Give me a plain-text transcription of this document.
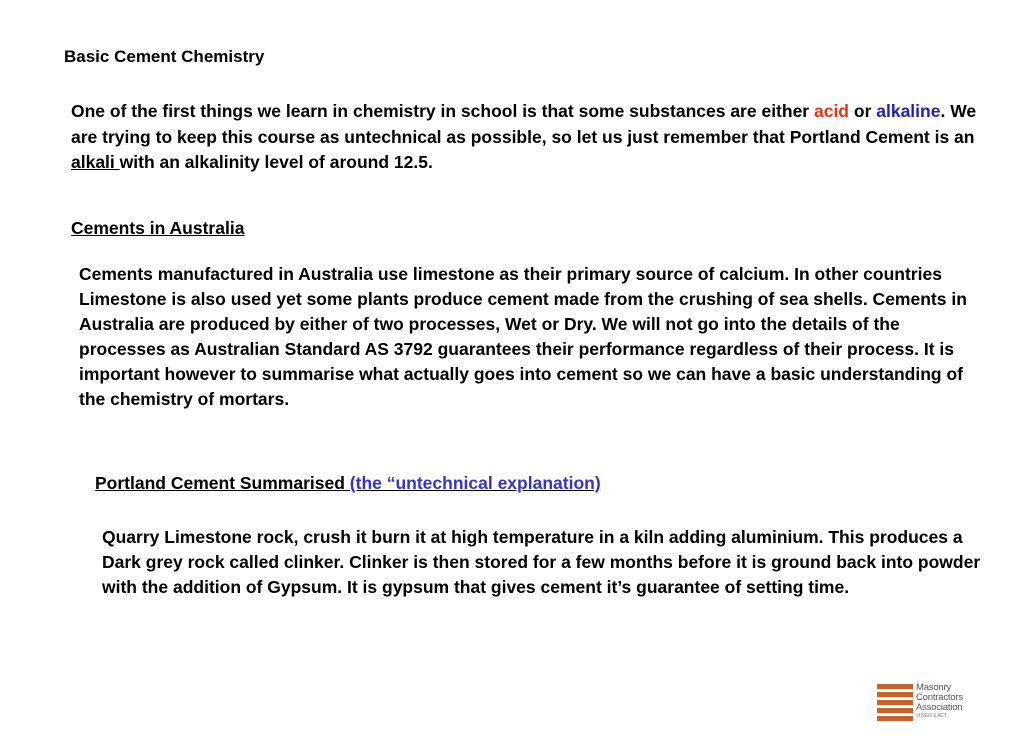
Basic Cement Chemistry

One of the first things we learn in chemistry in school is that some substances are either acid or alkaline. We are trying to keep this course as untechnical as possible, so let us just remember that Portland Cement is an alkali with an alkalinity level of around 12.5.

Cements in Australia

Cements manufactured in Australia use limestone as their primary source of calcium. In other countries Limestone is also used yet some plants produce cement made from the crushing of sea shells. Cements in Australia are produced by either of two processes, Wet or Dry. We will not go into the details of the processes as Australian Standard AS 3792 guarantees their performance regardless of their process. It is important however to summarise what actually goes into cement so we can have a basic understanding of the chemistry of mortars.

Portland Cement Summarised (the “untechnical explanation)

Quarry Limestone rock, crush it burn it at high temperature in a kiln adding aluminium. This produces a Dark grey rock called clinker. Clinker is then stored for a few months before it is ground back into powder with the addition of Gypsum. It is gypsum that gives cement it’s guarantee of setting time.

Masonry
Contractors
Association
of NSW & ACT
